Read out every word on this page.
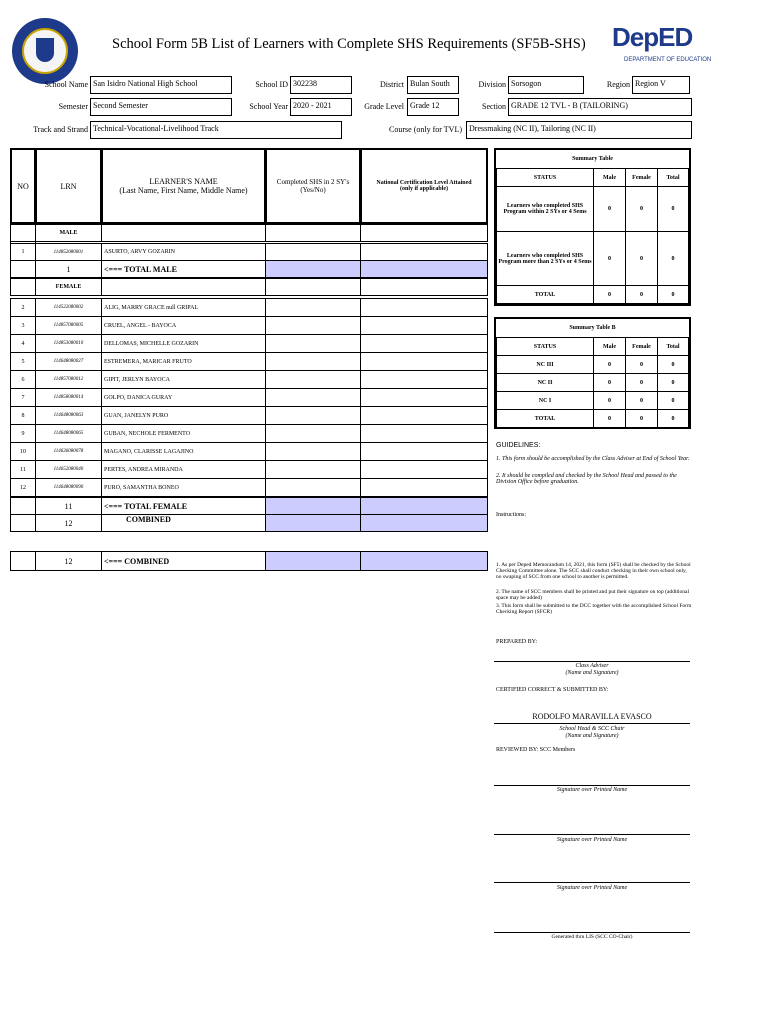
School Form 5B List of Learners with Complete SHS Requirements (SF5B-SHS) DepED
DEPARTMENT OF EDUCATION
School Name San Isidro National High School	School ID 302238	District Bulan South	Division Sorsogon	Region Region V
Semester Second Semester	School Year 2020 - 2021	Grade Level Grade 12	Section GRADE 12 TVL - B (TAILORING)
Track and Strand Technical-Vocational-Livelihood Track	Course (only for TVL) Dressmaking (NC II), Tailoring (NC II)
NO	LRN	LEARNER'S NAME
(Last Name, First Name, Middle Name)
Completed SHS in 2 SY's
(Yes/No)
National Certification Level Attained
(only if applicable)
MALE
1	114852080001	ASURTO, ARVY GOZARIN
1	<=== TOTAL MALE
FEMALE
2	114522080002	ALIG, MARRY GRACE null GRIPAL
3	114857080005	CRUEL, ANGEL - BAYOCA
4	114853080010	DELLOMAS, MICHELLE GOZARIN
5	114648080027	ESTREMERA, MARICAR FRUTO
6	114857080012	GIPIT, JERLYN BAYOCA
7	114858080014	GOLPO, DANICA GURAY
8	114648080063	GUAN, JANELYN PURO
9	114648080065	GUBAN, NECHOLE FERMENTO
10	114636080078	MAGANO, CLARISSE LAGAJINO
11	114652080040	PERTES, ANDREA MIRANDA
12	114648080090	PURO, SAMANTHA BONEO
11	<=== TOTAL FEMALE
12	COMBINED
12	<=== COMBINED
Summary Table
STATUS	Male	Female	Total
Learners who completed SHS Program within 2 SYs or 4 Sems	0	0	0
Learners who completed SHS Program more than 2 SYs or 4 Sems	0	0	0
TOTAL	0	0	0
Summary Table B
STATUS	Male	Female	Total
NC III	0	0	0
NC II	0	0	0
NC I	0	0	0
TOTAL	0	0	0
GUIDELINES:
1. This form should be accomplished by the Class Adviser at End of School Year.
2. It should be compiled and checked by the School Head and passed to the Division Office before graduation.
Instructions:
1. As per Deped Memorandum 14, 2021, this form (SF5) shall be checked by the School Checking Committee alone. The SCC shall conduct checking in their own school only, no swaping of SCC from one school to another is permitted.
2. The name of SCC members shall be printed and put their signature on top (additional space may be added)
3. This form shall be submitted to the DCC together with the accomplished School Form Checking Report (SFCR)
PREPARED BY:
Class Adviser
(Name and Signature)
CERTIFIED CORRECT & SUBMITTED BY:
RODOLFO MARAVILLA EVASCO
School Head & SCC Chair
(Name and Signature)
REVIEWED BY: SCC Members
Signature over Printed Name
Signature over Printed Name
Signature over Printed Name
Generated thru LIS (SCC CO-Chair)
